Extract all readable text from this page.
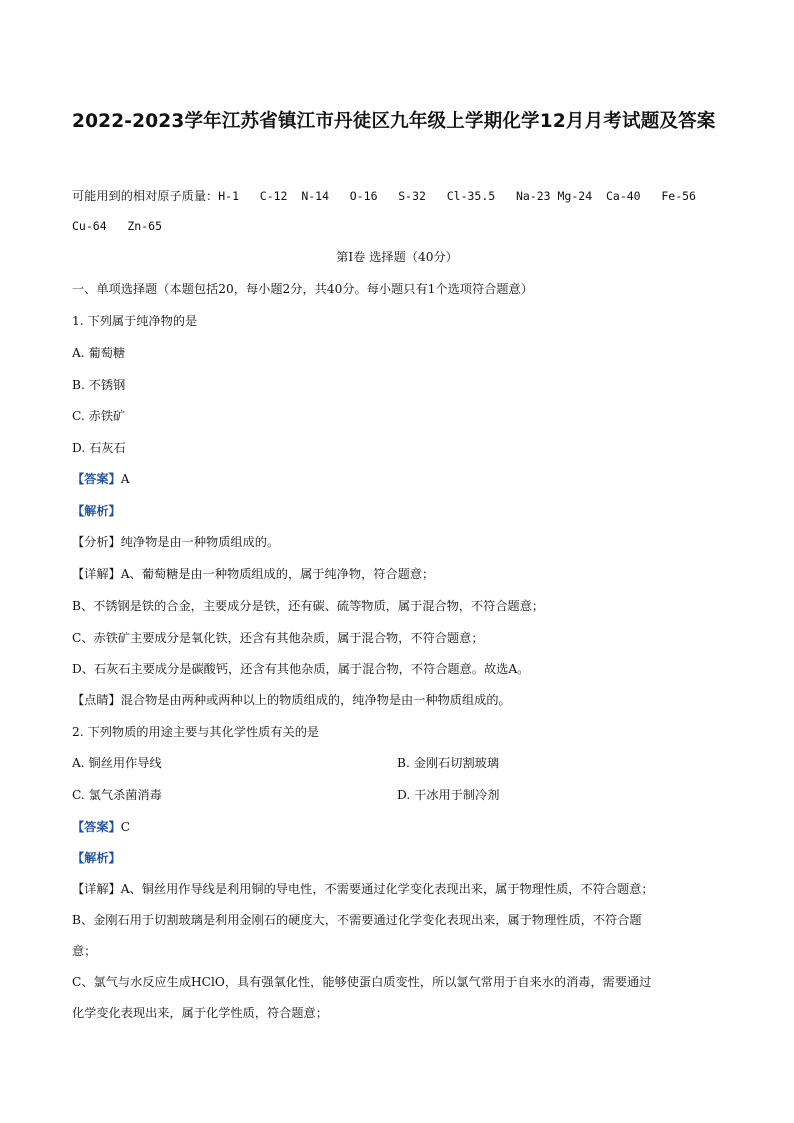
2022-2023学年江苏省镇江市丹徒区九年级上学期化学12月月考试题及答案
可能用到的相对原子质量：H-1   C-12  N-14   O-16   S-32   Cl-35.5   Na-23 Mg-24  Ca-40   Fe-56
Cu-64   Zn-65
第Ⅰ卷 选择题（40分）
一、单项选择题（本题包括20，每小题2分，共40分。每小题只有1个选项符合题意）
1. 下列属于纯净物的是
A. 葡萄糖
B. 不锈钢
C. 赤铁矿
D. 石灰石
【答案】A
【解析】
【分析】纯净物是由一种物质组成的。
【详解】A、葡萄糖是由一种物质组成的，属于纯净物，符合题意；
B、不锈钢是铁的合金，主要成分是铁，还有碳、硫等物质，属于混合物，不符合题意；
C、赤铁矿主要成分是氧化铁，还含有其他杂质，属于混合物，不符合题意；
D、石灰石主要成分是碳酸钙，还含有其他杂质，属于混合物，不符合题意。故选A。
【点睛】混合物是由两种或两种以上的物质组成的，纯净物是由一种物质组成的。
2. 下列物质的用途主要与其化学性质有关的是
A. 铜丝用作导线	B. 金刚石切割玻璃
C. 氯气杀菌消毒	D. 干冰用于制冷剂
【答案】C
【解析】
【详解】A、铜丝用作导线是利用铜的导电性，不需要通过化学变化表现出来，属于物理性质，不符合题意；
B、金刚石用于切割玻璃是利用金刚石的硬度大，不需要通过化学变化表现出来，属于物理性质，不符合题
意；
C、氯气与水反应生成HClO，具有强氧化性，能够使蛋白质变性，所以氯气常用于自来水的消毒，需要通过
化学变化表现出来，属于化学性质，符合题意；
